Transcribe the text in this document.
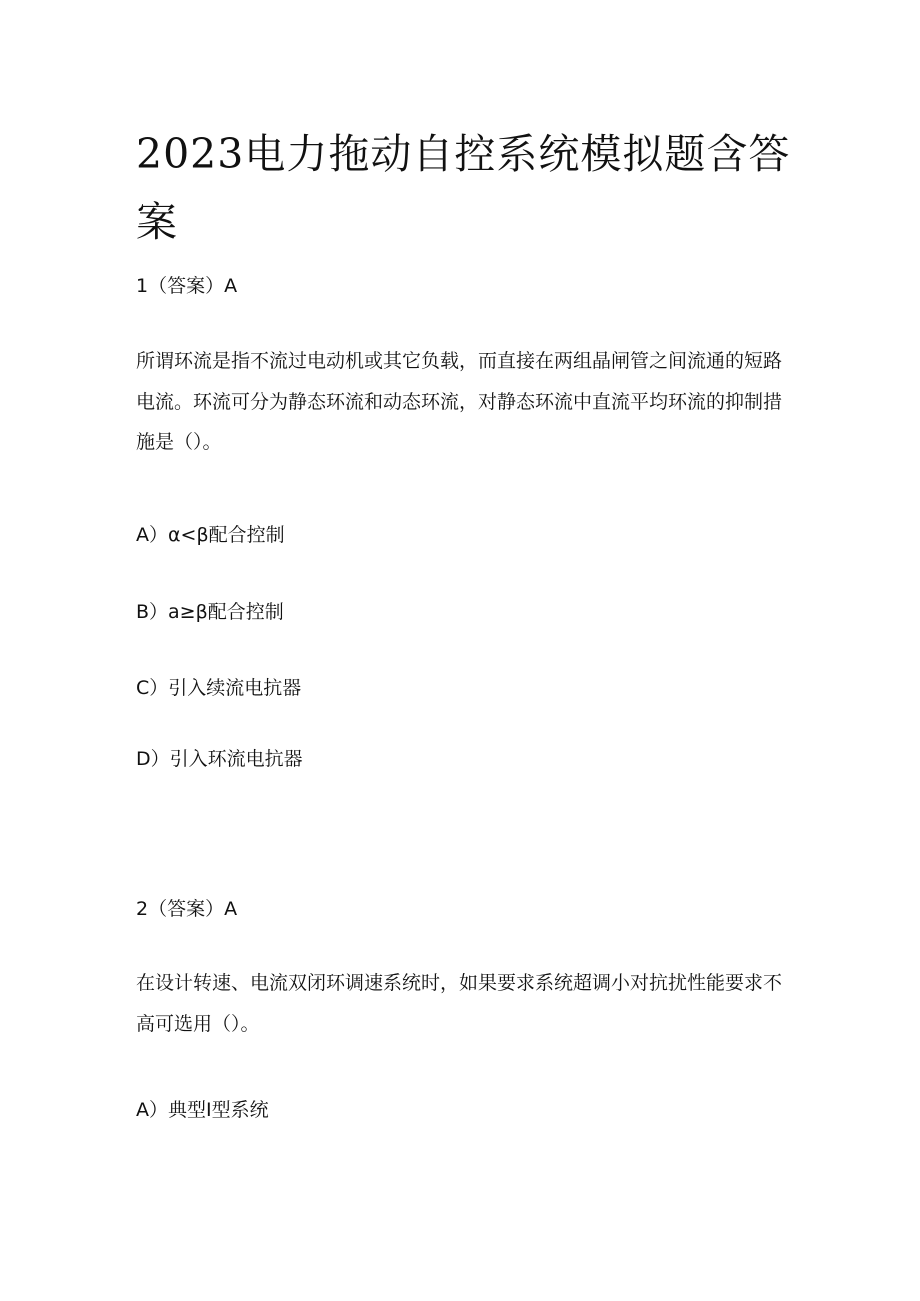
2023电力拖动自控系统模拟题含答案

1（答案）A

所谓环流是指不流过电动机或其它负载，而直接在两组晶闸管之间流通的短路电流。环流可分为静态环流和动态环流，对静态环流中直流平均环流的抑制措施是（）。

A）α<β配合控制

B）a≥β配合控制

C）引入续流电抗器

D）引入环流电抗器

2（答案）A

在设计转速、电流双闭环调速系统时，如果要求系统超调小对抗扰性能要求不高可选用（）。

A）典型I型系统
